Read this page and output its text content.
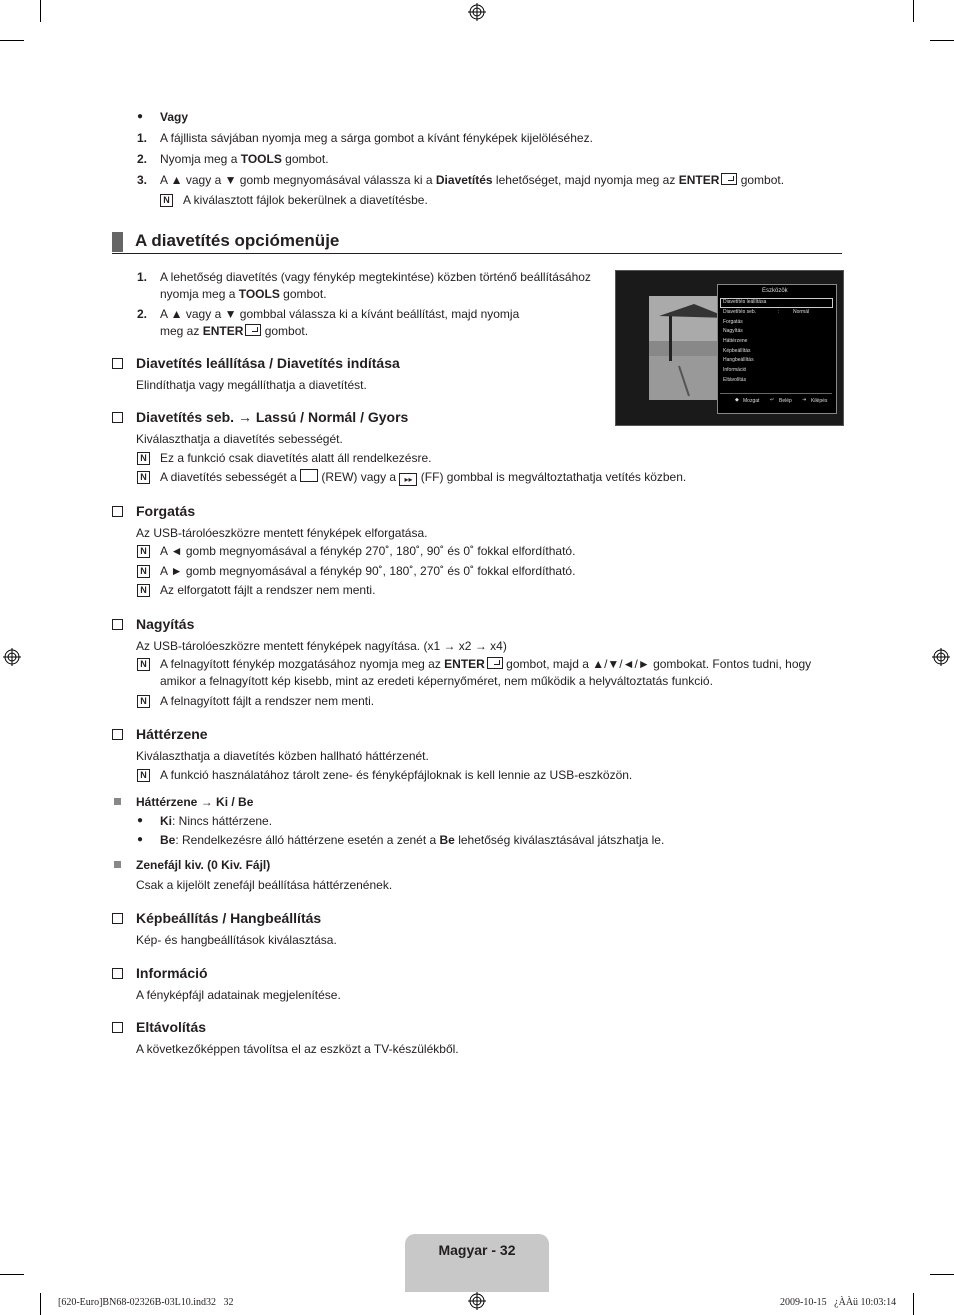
● Vagy
1. A fájllista sávjában nyomja meg a sárga gombot a kívánt fényképek kijelöléséhez.
2. Nyomja meg a TOOLS gombot.
3. A ▲ vagy a ▼ gomb megnyomásával válassza ki a Diavetítés lehetőséget, majd nyomja meg az ENTER gombot.
N A kiválasztott fájlok bekerülnek a diavetítésbe.
A diavetítés opciómenüje
1. A lehetőség diavetítés (vagy fénykép megtekintése) közben történő beállításához
nyomja meg a TOOLS gombot.
2. A ▲ vagy a ▼ gombbal válassza ki a kívánt beállítást, majd nyomja
meg az ENTER gombot.
Eszközök
Diavetítés leállítása
Diavetítés seb.	:	Normál
Forgatás
Nagyítás
Háttérzene
Képbeállítás
Hangbeállítás
Információ
Eltávolítás
◆ Mozgat ↵ Belép ⇥ Kilépés
Diavetítés leállítása / Diavetítés indítása
Elindíthatja vagy megállíthatja a diavetítést.
Diavetítés seb. → Lassú / Normál / Gyors
Kiválaszthatja a diavetítés sebességét.
N Ez a funkció csak diavetítés alatt áll rendelkezésre.
N A diavetítés sebességét a  (REW) vagy a ▸▸ (FF) gombbal is megváltoztathatja vetítés közben.
Forgatás
Az USB-tárolóeszközre mentett fényképek elforgatása.
N A ◄ gomb megnyomásával a fénykép 270˚, 180˚, 90˚ és 0˚ fokkal elfordítható.
N A ► gomb megnyomásával a fénykép 90˚, 180˚, 270˚ és 0˚ fokkal elfordítható.
N Az elforgatott fájlt a rendszer nem menti.
Nagyítás
Az USB-tárolóeszközre mentett fényképek nagyítása. (x1 → x2 → x4)
N A felnagyított fénykép mozgatásához nyomja meg az ENTER gombot, majd a ▲/▼/◄/► gombokat. Fontos tudni, hogy
amikor a felnagyított kép kisebb, mint az eredeti képernyőméret, nem működik a helyváltoztatás funkció.
N A felnagyított fájlt a rendszer nem menti.
Háttérzene
Kiválaszthatja a diavetítés közben hallható háttérzenét.
N A funkció használatához tárolt zene- és fényképfájloknak is kell lennie az USB-eszközön.
Háttérzene → Ki / Be
● Ki: Nincs háttérzene.
● Be: Rendelkezésre álló háttérzene esetén a zenét a Be lehetőség kiválasztásával játszhatja le.
Zenefájl kiv. (0 Kiv. Fájl)
Csak a kijelölt zenefájl beállítása háttérzenének.
Képbeállítás / Hangbeállítás
Kép- és hangbeállítások kiválasztása.
Információ
A fényképfájl adatainak megjelenítése.
Eltávolítás
A következőképpen távolítsa el az eszközt a TV-készülékből.
Magyar - 32
[620-Euro]BN68-02326B-03L10.ind32   32	2009-10-15   ¿ÀÀü 10:03:14
